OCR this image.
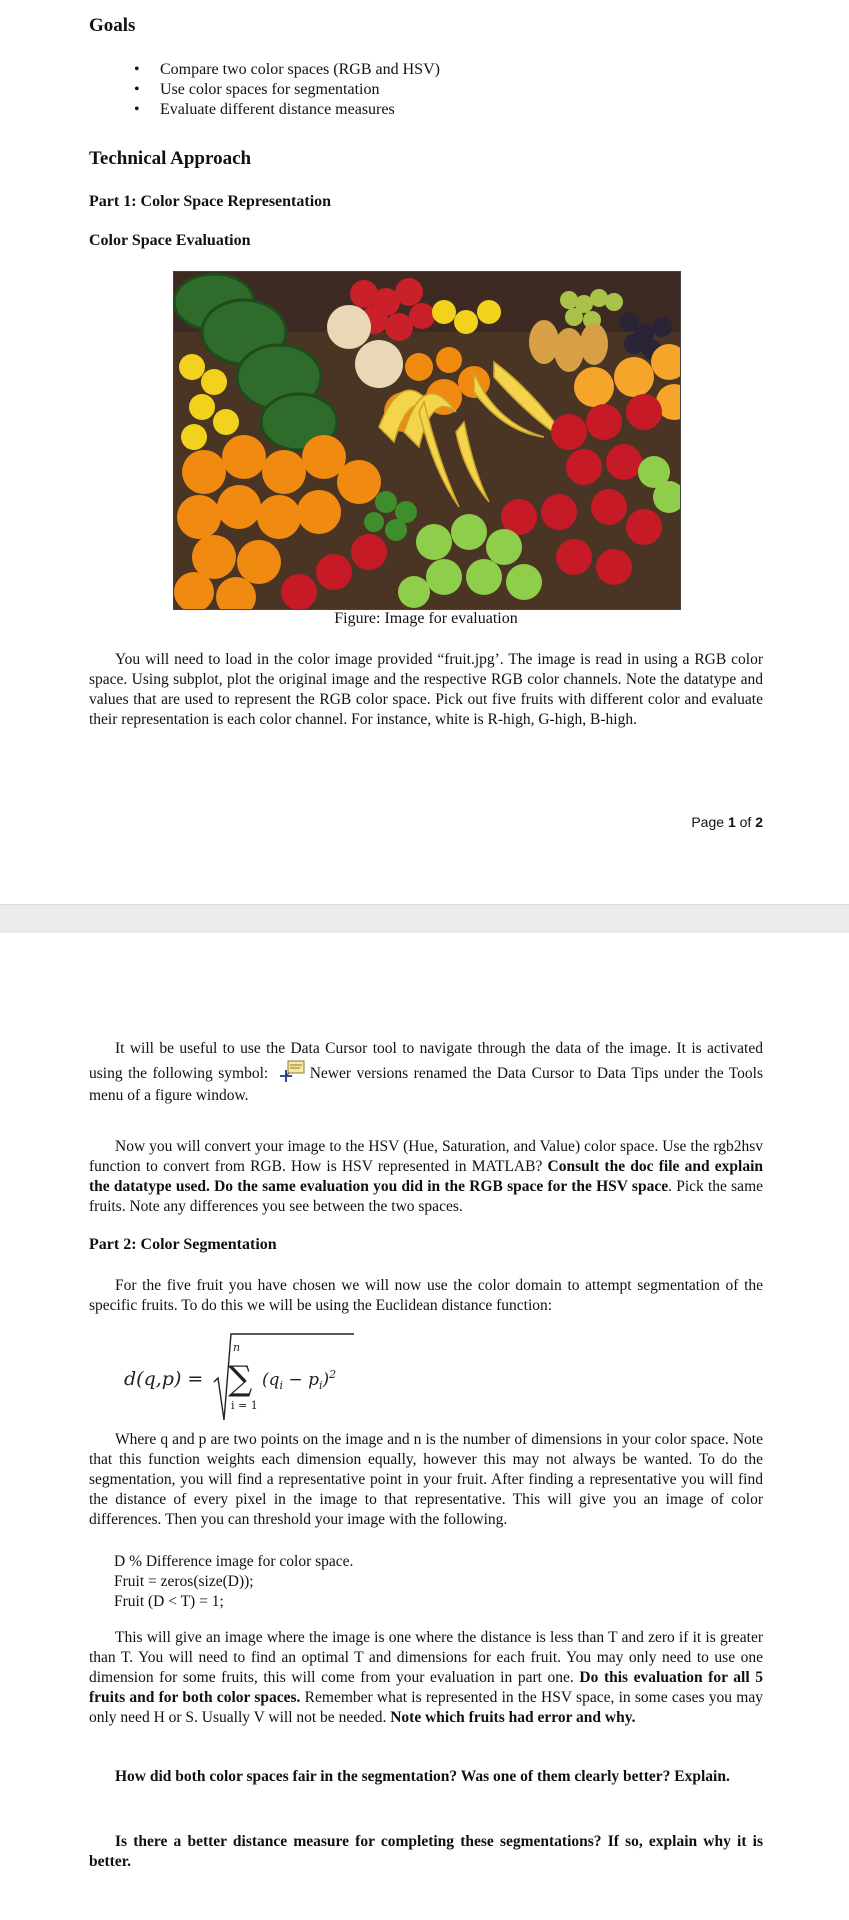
Goals
• Compare two color spaces (RGB and HSV)
• Use color spaces for segmentation
• Evaluate different distance measures
Technical Approach
Part 1: Color Space Representation
Color Space Evaluation
Figure: Image for evaluation
You will need to load in the color image provided “fruit.jpg’. The image is read in using a RGB color space. Using subplot, plot the original image and the respective RGB color channels. Note the datatype and values that are used to represent the RGB color space. Pick out five fruits with different color and evaluate their representation is each color channel. For instance, white is R-high, G-high, B-high.
Page 1 of 2
It will be useful to use the Data Cursor tool to navigate through the data of the image. It is activated using the following symbol:	Newer versions renamed the Data Cursor to Data Tips under the Tools menu of a figure window.
Now you will convert your image to the HSV (Hue, Saturation, and Value) color space. Use the rgb2hsv function to convert from RGB. How is HSV represented in MATLAB? Consult the doc file and explain the datatype used. Do the same evaluation you did in the RGB space for the HSV space. Pick the same fruits. Note any differences you see between the two spaces.
Part 2: Color Segmentation
For the five fruit you have chosen we will now use the color domain to attempt segmentation of the specific fruits. To do this we will be using the Euclidean distance function:
d(q,p) =
n
∑
i = 1
$(q_i - p_i)^2$
Where q and p are two points on the image and n is the number of dimensions in your color space. Note that this function weights each dimension equally, however this may not always be wanted. To do the segmentation, you will find a representative point in your fruit. After finding a representative you will find the distance of every pixel in the image to that representative. This will give you an image of color differences. Then you can threshold your image with the following.
D % Difference image for color space.
Fruit = zeros(size(D));
Fruit (D < T) = 1;
This will give an image where the image is one where the distance is less than T and zero if it is greater than T. You will need to find an optimal T and dimensions for each fruit. You may only need to use one dimension for some fruits, this will come from your evaluation in part one. Do this evaluation for all 5 fruits and for both color spaces. Remember what is represented in the HSV space, in some cases you may only need H or S. Usually V will not be needed. Note which fruits had error and why.
How did both color spaces fair in the segmentation? Was one of them clearly better? Explain.
Is there a better distance measure for completing these segmentations? If so, explain why it is better.
